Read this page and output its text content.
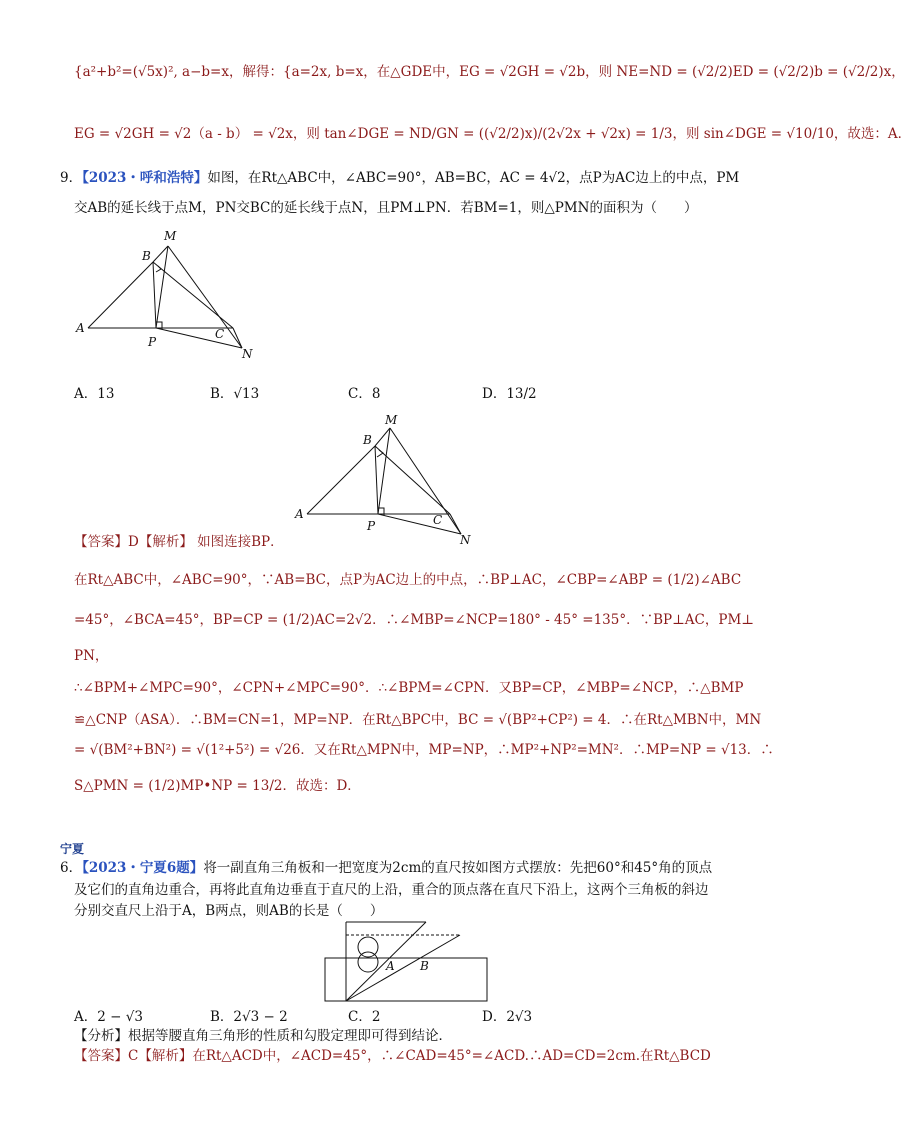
{a²+b²=(√5x)², a−b=x，解得：{a=2x, b=x，在△GDE中，EG = √2GH = √2b，则 NE=ND = (√2/2)ED = (√2/2)b = (√2/2)x，
EG = √2GH = √2（a - b） = √2x，则 tan∠DGE = ND/GN = ((√2/2)x)/(2√2x + √2x) = 1/3，则 sin∠DGE = √10/10，故选：A．
9．【2023・呼和浩特】如图，在Rt△ABC中，∠ABC=90°，AB=BC，AC = 4√2，点P为AC边上的中点，PM
交AB的延长线于点M，PN交BC的延长线于点N，且PM⊥PN．若BM=1，则△PMN的面积为（　　）
M
B
A
P
C
N
A．13	B．√13	C．8	D．13/2
M
B
A
P	C
N
【答案】D【解析】 如图连接BP．
在Rt△ABC中，∠ABC=90°，∵AB=BC，点P为AC边上的中点，∴BP⊥AC，∠CBP=∠ABP = (1/2)∠ABC
=45°，∠BCA=45°，BP=CP = (1/2)AC=2√2．∴∠MBP=∠NCP=180° - 45° =135°．∵BP⊥AC，PM⊥
PN，
∴∠BPM+∠MPC=90°，∠CPN+∠MPC=90°．∴∠BPM=∠CPN．又BP=CP，∠MBP=∠NCP，∴△BMP
≌△CNP（ASA）．∴BM=CN=1，MP=NP．在Rt△BPC中，BC = √(BP²+CP²) = 4．∴在Rt△MBN中，MN
= √(BM²+BN²) = √(1²+5²) = √26．又在Rt△MPN中，MP=NP，∴MP²+NP²=MN²．∴MP=NP = √13．∴
S△PMN = (1/2)MP•NP = 13/2．故选：D．
宁夏
6．【2023・宁夏6题】将一副直角三角板和一把宽度为2cm的直尺按如图方式摆放：先把60°和45°角的顶点
及它们的直角边重合，再将此直角边垂直于直尺的上沿，重合的顶点落在直尺下沿上，这两个三角板的斜边
分别交直尺上沿于A，B两点，则AB的长是（　　）
A B
A．2 − √3	B．2√3 − 2	C．2	D．2√3
【分析】根据等腰直角三角形的性质和勾股定理即可得到结论．
【答案】C【解析】在Rt△ACD中，∠ACD=45°，∴∠CAD=45°=∠ACD.∴AD=CD=2cm.在Rt△BCD
